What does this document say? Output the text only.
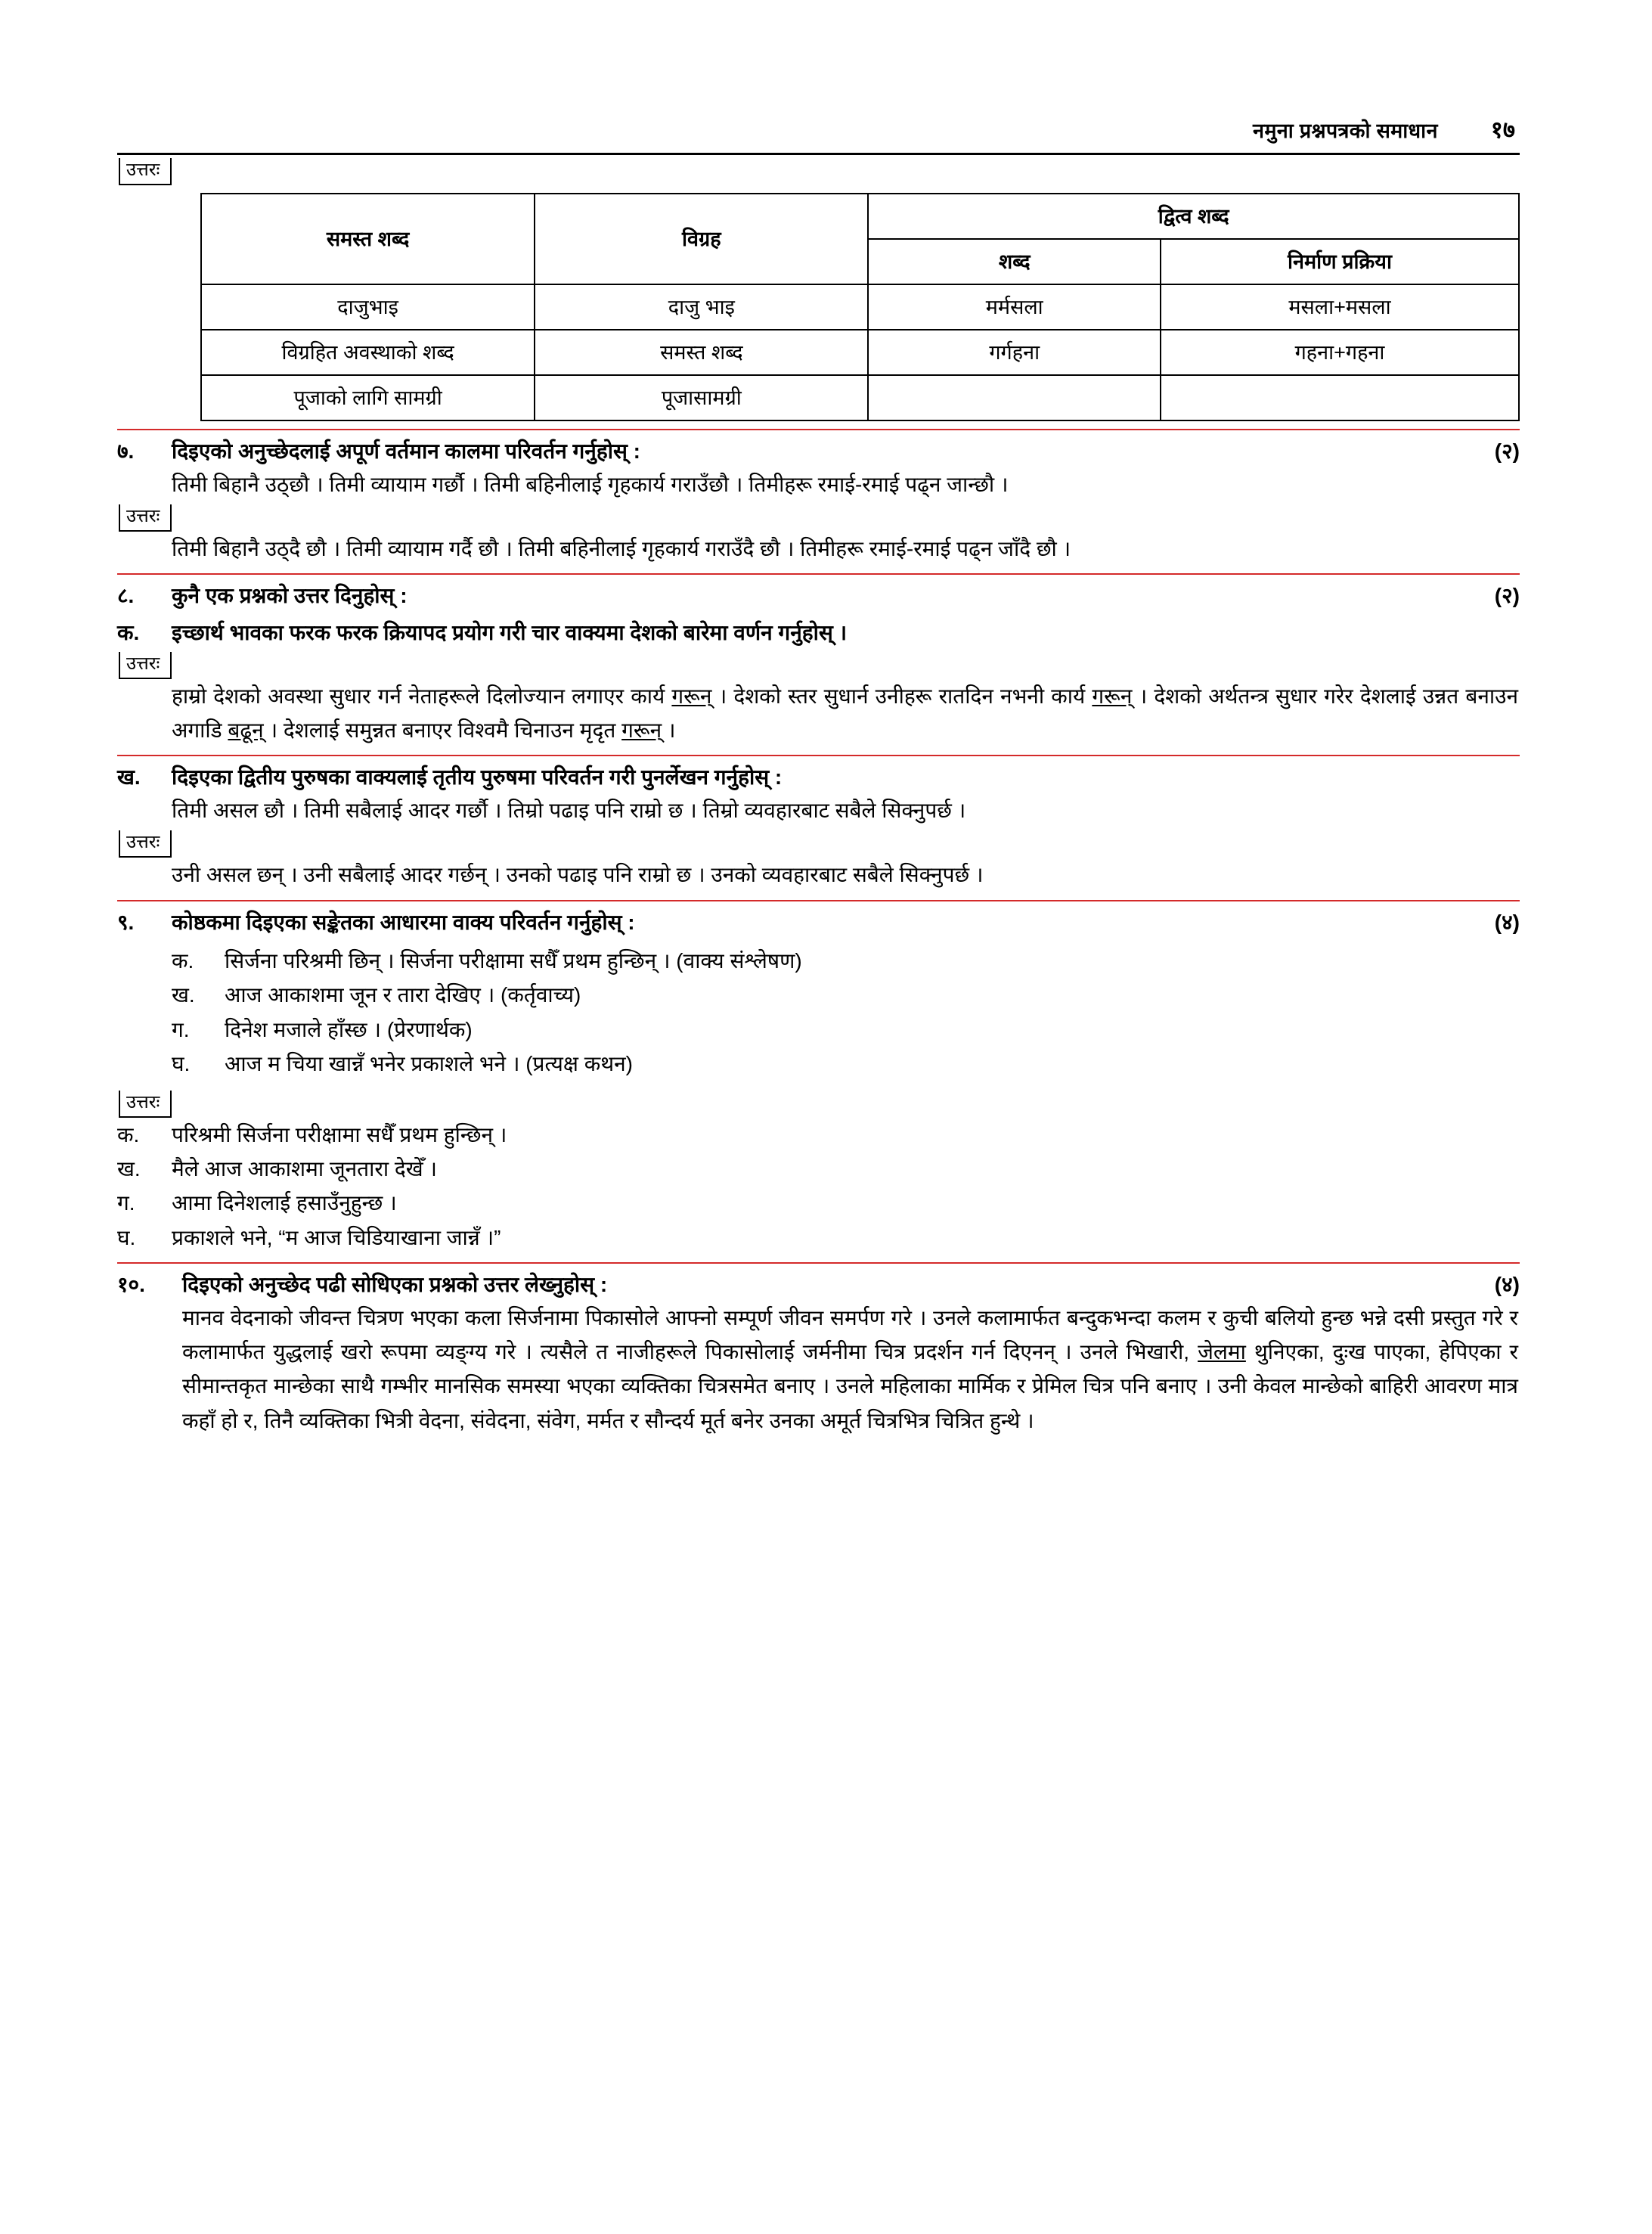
नमुना प्रश्नपत्रको समाधान १७
उत्तरः
समस्त शब्द	विग्रह	द्वित्व शब्द	
		शब्द	निर्माण प्रक्रिया
दाजुभाइ	दाजु भाइ	मर्मसला	मसला+मसला
विग्रहित अवस्थाको शब्द	समस्त शब्द	गर्गहना	गहना+गहना
पूजाको लागि सामग्री	पूजासामग्री		
७.	दिइएको अनुच्छेदलाई अपूर्ण वर्तमान कालमा परिवर्तन गर्नुहोस् :	(२)
तिमी बिहानै उठ्छौ । तिमी व्यायाम गर्छौ । तिमी बहिनीलाई गृहकार्य गराउँछौ । तिमीहरू रमाई-रमाई पढ्न जान्छौ ।
उत्तरः
तिमी बिहानै उठ्दै छौ । तिमी व्यायाम गर्दै छौ । तिमी बहिनीलाई गृहकार्य गराउँदै छौ । तिमीहरू रमाई-रमाई पढ्न जाँदै छौ ।
८.	कुनै एक प्रश्नको उत्तर दिनुहोस् :	(२)
क.	इच्छार्थ भावका फरक फरक क्रियापद प्रयोग गरी चार वाक्यमा देशको बारेमा वर्णन गर्नुहोस् ।
उत्तरः
हाम्रो देशको अवस्था सुधार गर्न नेताहरूले दिलोज्यान लगाएर कार्य गरून् । देशको स्तर सुधार्न उनीहरू रातदिन नभनी कार्य गरून् । देशको अर्थतन्त्र सुधार गरेर देशलाई उन्नत बनाउन अगाडि बढून् । देशलाई समुन्नत बनाएर विश्वमै चिनाउन मृदृत गरून् ।
ख.	दिइएका द्वितीय पुरुषका वाक्यलाई तृतीय पुरुषमा परिवर्तन गरी पुनर्लेखन गर्नुहोस् :
तिमी असल छौ । तिमी सबैलाई आदर गर्छौ । तिम्रो पढाइ पनि राम्रो छ । तिम्रो व्यवहारबाट सबैले सिक्नुपर्छ ।
उत्तरः
उनी असल छन् । उनी सबैलाई आदर गर्छन् । उनको पढाइ पनि राम्रो छ । उनको व्यवहारबाट सबैले सिक्नुपर्छ ।
९.	कोष्ठकमा दिइएका सङ्केतका आधारमा वाक्य परिवर्तन गर्नुहोस् :	(४)
क.	सिर्जना परिश्रमी छिन् । सिर्जना परीक्षामा सधैँ प्रथम हुन्छिन् । (वाक्य संश्लेषण)
ख.	आज आकाशमा जून र तारा देखिए । (कर्तृवाच्य)
ग.	दिनेश मजाले हाँस्छ । (प्रेरणार्थक)
घ.	आज म चिया खान्नँ भनेर प्रकाशले भने । (प्रत्यक्ष कथन)
उत्तरः
क.	परिश्रमी सिर्जना परीक्षामा सधैँ प्रथम हुन्छिन् ।
ख.	मैले आज आकाशमा जूनतारा देखेँ ।
ग.	आमा दिनेशलाई हसाउँनुहुन्छ ।
घ.	प्रकाशले भने, “म आज चिडियाखाना जान्नँ ।”
१०.	दिइएको अनुच्छेद पढी सोधिएका प्रश्नको उत्तर लेख्नुहोस् :	(४)
मानव वेदनाको जीवन्त चित्रण भएका कला सिर्जनामा पिकासोले आफ्नो सम्पूर्ण जीवन समर्पण गरे । उनले कलामार्फत बन्दुकभन्दा कलम र कुची बलियो हुन्छ भन्ने दसी प्रस्तुत गरे र कलामार्फत युद्धलाई खरो रूपमा व्यङ्ग्य गरे । त्यसैले त नाजीहरूले पिकासोलाई जर्मनीमा चित्र प्रदर्शन गर्न दिएनन् । उनले भिखारी, जेलमा थुनिएका, दुःख पाएका, हेपिएका र सीमान्तकृत मान्छेका साथै गम्भीर मानसिक समस्या भएका व्यक्तिका चित्रसमेत बनाए । उनले महिलाका मार्मिक र प्रेमिल चित्र पनि बनाए । उनी केवल मान्छेको बाहिरी आवरण मात्र कहाँ हो र, तिनै व्यक्तिका भित्री वेदना, संवेदना, संवेग, मर्मत र सौन्दर्य मूर्त बनेर उनका अमूर्त चित्रभित्र चित्रित हुन्थे ।
